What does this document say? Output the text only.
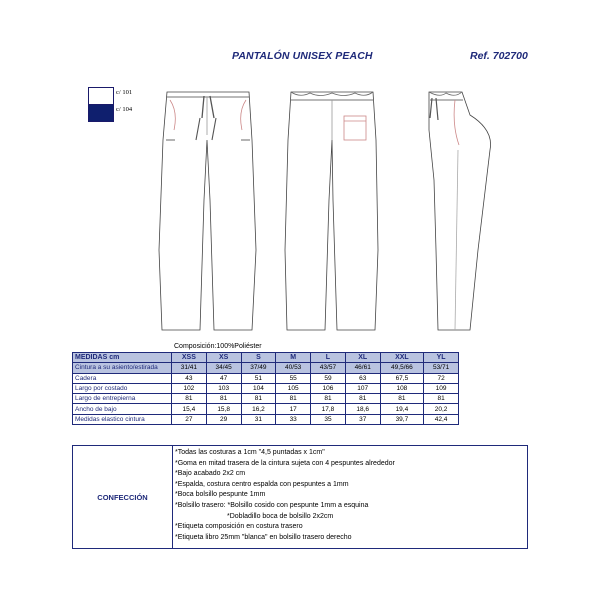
PANTALÓN UNISEX PEACH	Ref. 702700
c/ 101
c/ 104
Composición:100%Poliéster
MEDIDAS cm	XSS	XS	S	M	L	XL	XXL	YL
Cintura a su asiento/estirada	31/41	34/45	37/49	40/53	43/57	46/61	49,5/66	53/71
Cadera	43	47	51	55	59	63	67,5	72
Largo por costado	102	103	104	105	106	107	108	109
Largo de entrepierna	81	81	81	81	81	81	81	81
Ancho de bajo	15,4	15,8	16,2	17	17,8	18,6	19,4	20,2
Medidas elastico cintura	27	29	31	33	35	37	39,7	42,4
CONFECCIÓN
*Todas las costuras a 1cm "4,5 puntadas x 1cm"
*Goma en mitad trasera de la cintura sujeta con 4 pespuntes alrededor
*Bajo acabado 2x2 cm
*Espalda, costura centro espalda con pespuntes a 1mm
*Boca bolsillo pespunte 1mm
*Bolsillo trasero: *Bolsillo cosido con pespunte 1mm a esquina
*Dobladillo boca de bolsillo 2x2cm
*Etiqueta composición en costura trasero
*Etiqueta libro 25mm "blanca" en bolsillo trasero derecho
